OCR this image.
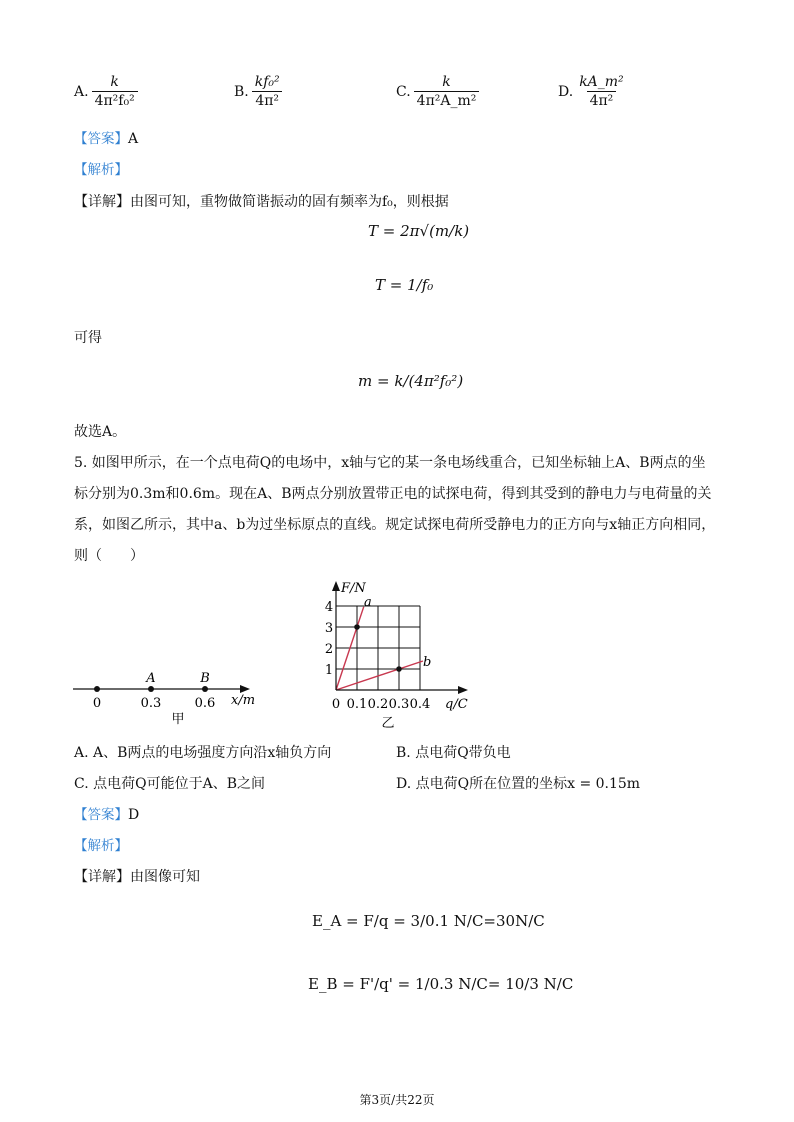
A. $\frac{k}{\text{4π²f₀²}}$	B. $\frac{\text{kf₀²}}{\text{4π²}}$	C. $\frac{k}{\text{4π²A\_m²}}$	D. $\frac{\text{kA\_m²}}{\text{4π²}}$
【答案】A
【解析】
【详解】由图可知，重物做简谐振动的固有频率为f₀，则根据
T = 2π√(m/k)
T = 1/f₀
可得
m = k/(4π²f₀²)
故选A。
5. 如图甲所示，在一个点电荷Q的电场中，x轴与它的某一条电场线重合，已知坐标轴上A、B两点的坐
标分别为0.3m和0.6m。现在A、B两点分别放置带正电的试探电荷，得到其受到的静电力与电荷量的关
系，如图乙所示，其中a、b为过坐标原点的直线。规定试探电荷所受静电力的正方向与x轴正方向相同，
则（　　）
A	B
0	0.3	0.6 x/m
甲
F/N
q/C
0 0.1 0.2 0.3 0.4
1
2
3
4 a
b
乙
A. A、B两点的电场强度方向沿x轴负方向	B. 点电荷Q带负电
C. 点电荷Q可能位于A、B之间	D. 点电荷Q所在位置的坐标x = 0.15m
【答案】D
【解析】
【详解】由图像可知
E_A = F/q = 3/0.1 N/C=30N/C
E_B = F'/q' = 1/0.3 N/C= 10/3 N/C
第3页/共22页
